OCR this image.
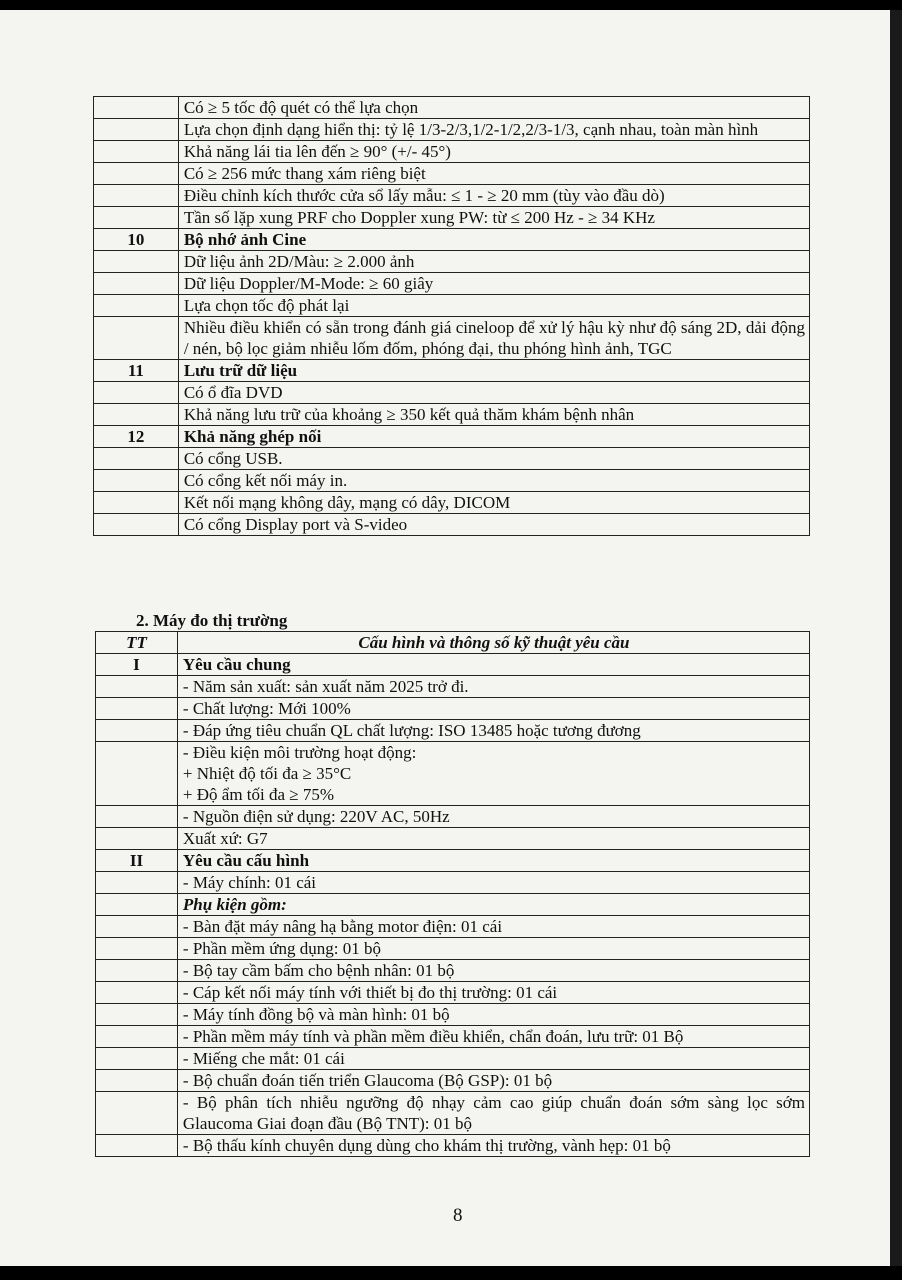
	Có ≥ 5 tốc độ quét có thể lựa chọn
	Lựa chọn định dạng hiển thị: tỷ lệ 1/3-2/3,1/2-1/2,2/3-1/3, cạnh nhau, toàn màn hình
	Khả năng lái tia lên đến ≥ 90° (+/- 45°)
	Có ≥ 256 mức thang xám riêng biệt
	Điều chỉnh kích thước cửa sổ lấy mẫu: ≤ 1 - ≥ 20 mm (tùy vào đầu dò)
	Tần số lặp xung PRF cho Doppler xung PW: từ ≤ 200 Hz - ≥ 34 KHz
10	Bộ nhớ ảnh Cine
	Dữ liệu ảnh 2D/Màu: ≥ 2.000 ảnh
	Dữ liệu Doppler/M-Mode: ≥ 60 giây
	Lựa chọn tốc độ phát lại
	Nhiều điều khiển có sẵn trong đánh giá cineloop để xử lý hậu kỳ như độ sáng 2D, dải động / nén, bộ lọc giảm nhiễu lốm đốm, phóng đại, thu phóng hình ảnh, TGC
11	Lưu trữ dữ liệu
	Có ổ đĩa DVD
	Khả năng lưu trữ của khoảng ≥ 350 kết quả thăm khám bệnh nhân
12	Khả năng ghép nối
	Có cổng USB.
	Có cổng kết nối máy in.
	Kết nối mạng không dây, mạng có dây, DICOM
	Có cổng Display port và S-video
2. Máy đo thị trường
TT	Cấu hình và thông số kỹ thuật yêu cầu
I	Yêu cầu chung
	- Năm sản xuất: sản xuất năm 2025 trở đi.
	- Chất lượng: Mới 100%
	- Đáp ứng tiêu chuẩn QL chất lượng: ISO 13485 hoặc tương đương
	- Điều kiện môi trường hoạt động:
+ Nhiệt độ tối đa ≥ 35°C
+ Độ ẩm tối đa ≥ 75%
	- Nguồn điện sử dụng: 220V AC, 50Hz
	Xuất xứ: G7
II	Yêu cầu cấu hình
	- Máy chính: 01 cái
	Phụ kiện gồm:
	- Bàn đặt máy nâng hạ bằng motor điện: 01 cái
	- Phần mềm ứng dụng: 01 bộ
	- Bộ tay cầm bấm cho bệnh nhân: 01 bộ
	- Cáp kết nối máy tính với thiết bị đo thị trường: 01 cái
	- Máy tính đồng bộ và màn hình: 01 bộ
	- Phần mềm máy tính và phần mềm điều khiển, chẩn đoán, lưu trữ: 01 Bộ
	- Miếng che mắt: 01 cái
	- Bộ chuẩn đoán tiến triển Glaucoma (Bộ GSP): 01 bộ
	- Bộ phân tích nhiễu ngưỡng độ nhạy cảm cao giúp chuẩn đoán sớm sàng lọc sớm Glaucoma Giai đoạn đầu (Bộ TNT): 01 bộ
	- Bộ thấu kính chuyên dụng dùng cho khám thị trường, vành hẹp: 01 bộ
8
